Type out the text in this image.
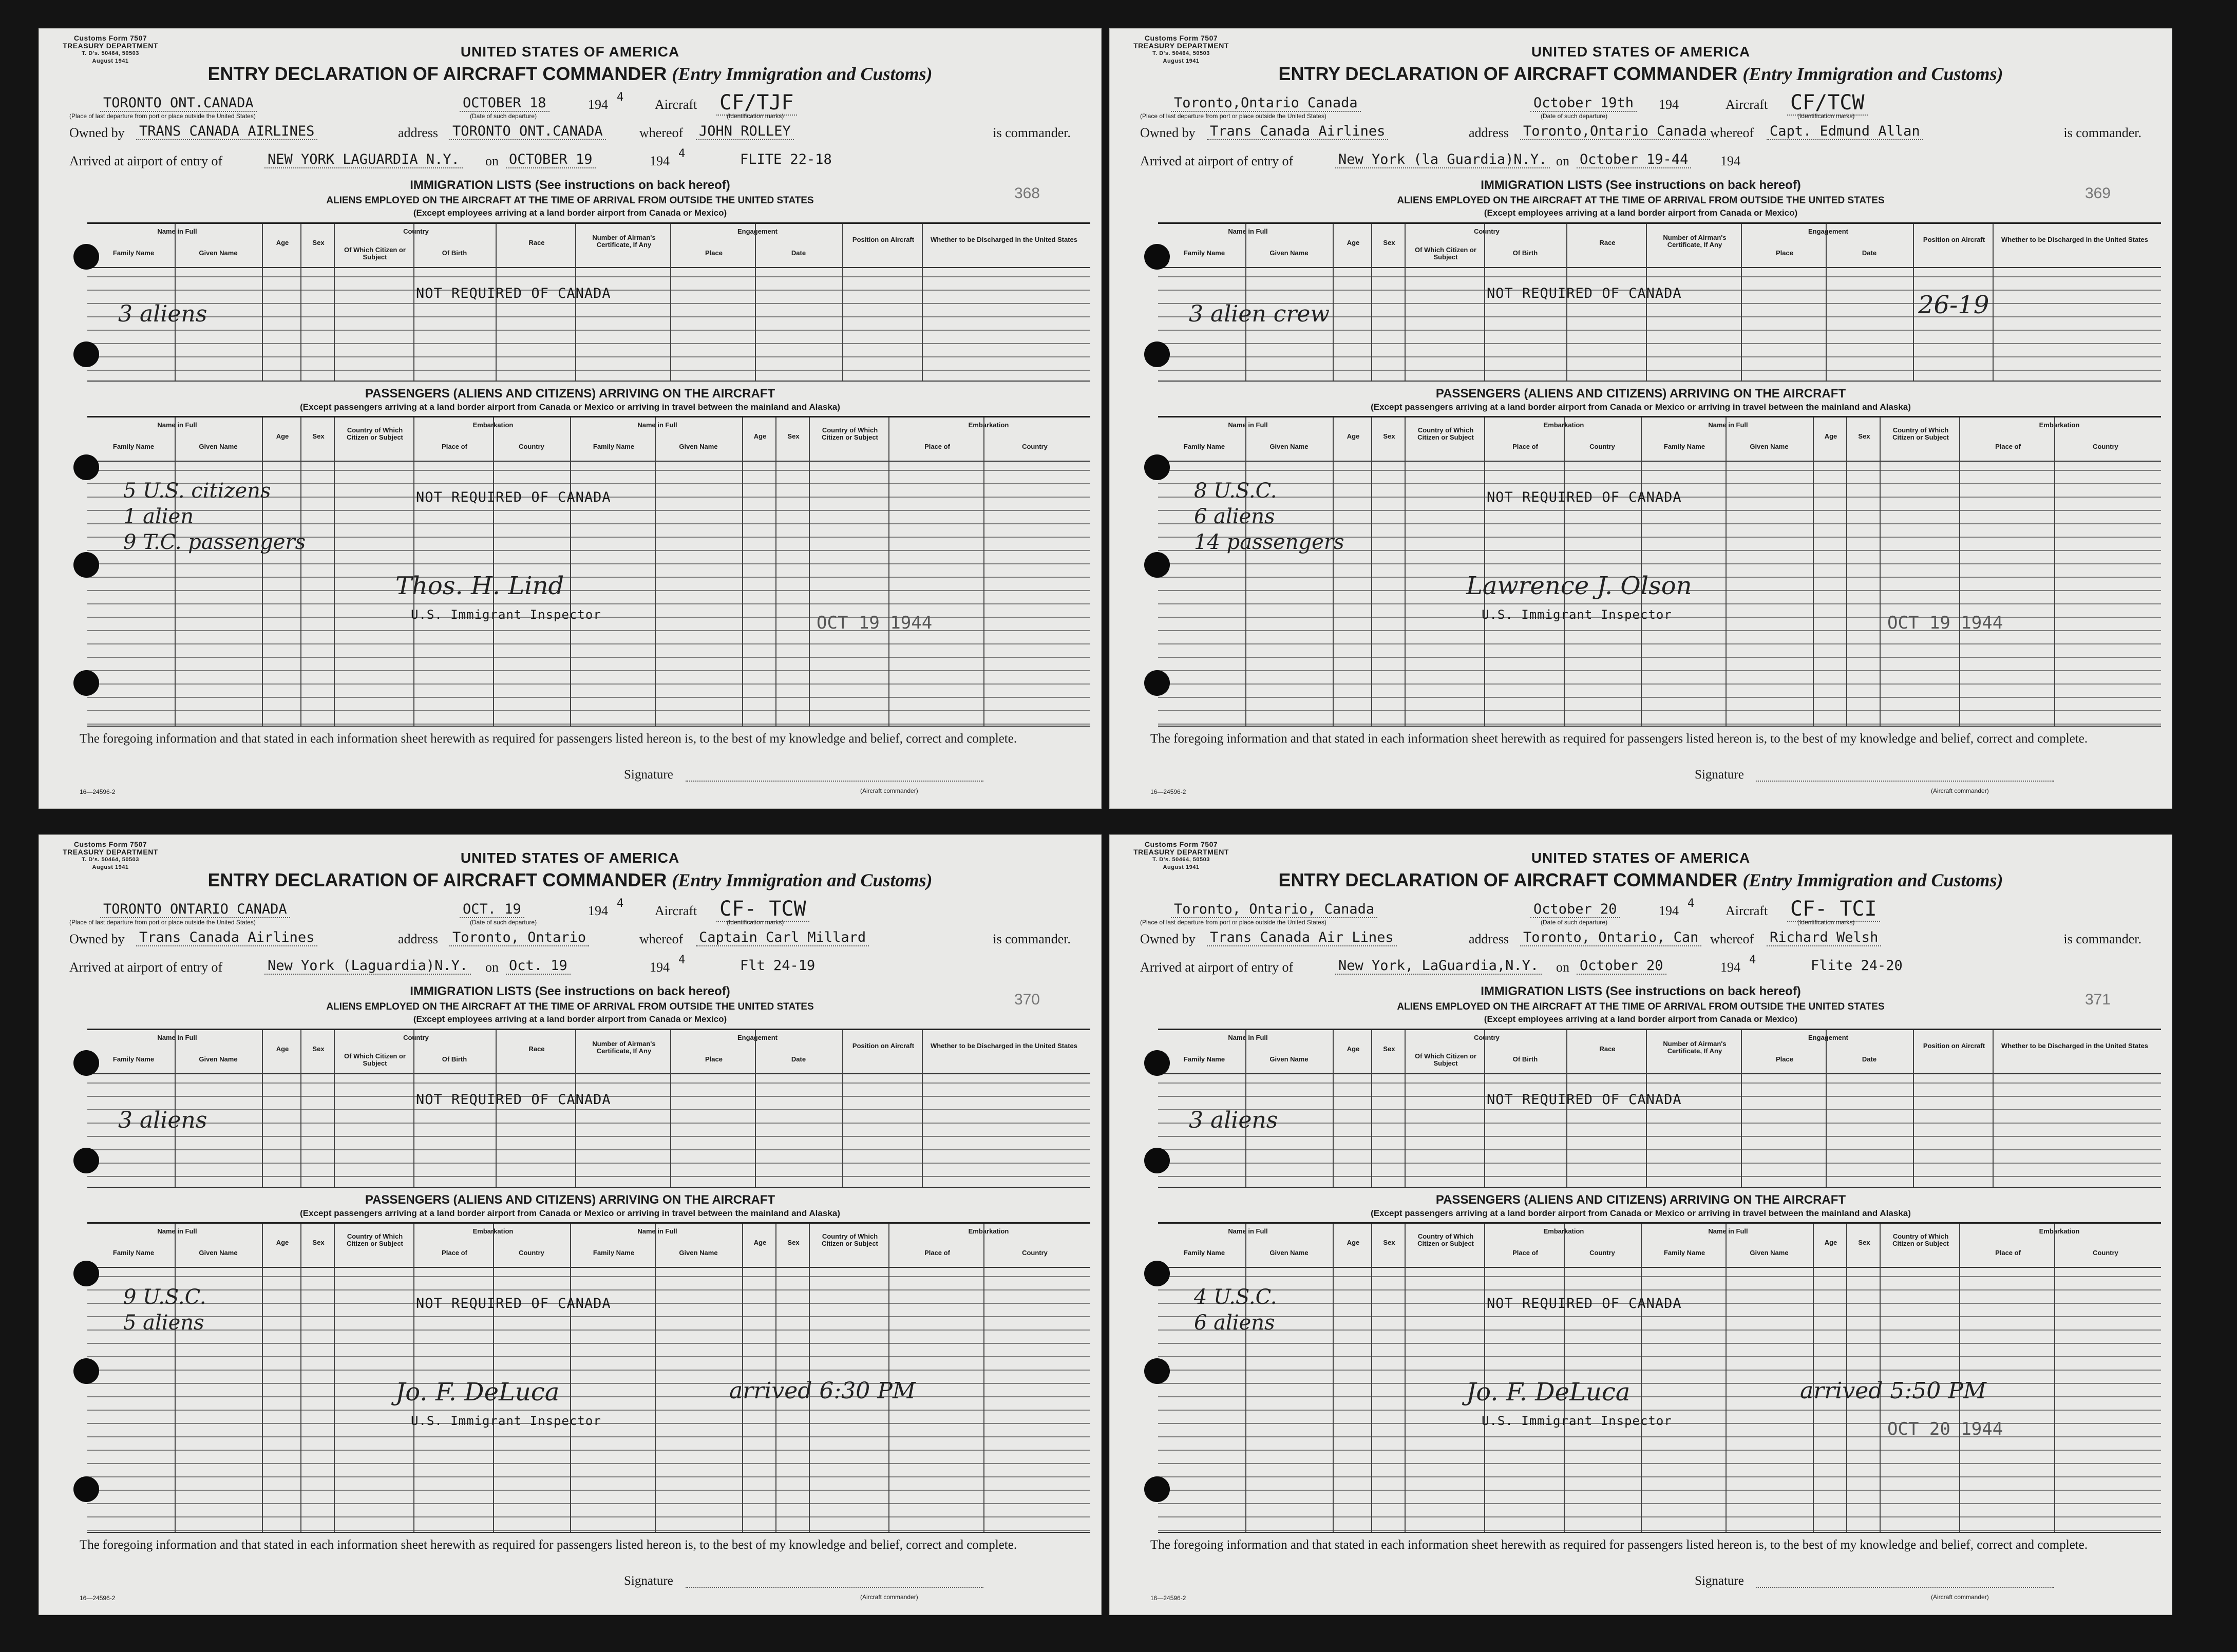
Customs Form 7507
TREASURY DEPARTMENT
T. D's. 50464, 50503
August 1941
UNITED STATES OF AMERICA
ENTRY DECLARATION OF AIRCRAFT COMMANDER (Entry Immigration and Customs)
368
TORONTO ONT.CANADA	OCTOBER 18	194 4 Aircraft CF/TJF
(Place of last departure from port or place outside the United States)	(Date of such departure)	(Identification marks)
Owned by TRANS CANADA AIRLINES	address TORONTO ONT.CANADA	whereof JOHN ROLLEY	is commander.
Arrived at airport of entry of	NEW YORK LAGUARDIA N.Y. on OCTOBER 19	194 4	FLITE 22-18
IMMIGRATION LISTS (See instructions on back hereof)
ALIENS EMPLOYED ON THE AIRCRAFT AT THE TIME OF ARRIVAL FROM OUTSIDE THE UNITED STATES
(Except employees arriving at a land border airport from Canada or Mexico)
Name in Full
Family Name	Given Name
Age	Sex
Country
Of Which Citizen or Subject
Of Birth
Race
Number of Airman's Certificate, If Any
Engagement
Place	Date
Position on Aircraft	Whether to be Discharged in the United States
NOT REQUIRED OF CANADA
3 aliens
PASSENGERS (ALIENS AND CITIZENS) ARRIVING ON THE AIRCRAFT
(Except passengers arriving at a land border airport from Canada or Mexico or arriving in travel between the mainland and Alaska)
Name in Full
Family Name	Given Name
Age	Sex
Country of Which Citizen or Subject
Embarkation
Place of	Country
Name in Full
Family Name	Given Name
Age	Sex
Country of Which Citizen or Subject
Embarkation
Place of	Country
NOT REQUIRED OF CANADA
5 U.S. citizens
1 alien
9 T.C. passengers
OCT 19 1944
Thos. H. Lind
U.S. Immigrant Inspector
The foregoing information and that stated in each information sheet herewith as required for passengers listed hereon is, to the best of my knowledge and belief, correct and complete.
Signature
(Aircraft commander)
16—24596-2
Customs Form 7507
TREASURY DEPARTMENT
T. D's. 50464, 50503
August 1941
UNITED STATES OF AMERICA
ENTRY DECLARATION OF AIRCRAFT COMMANDER (Entry Immigration and Customs)
369
Toronto,Ontario Canada	October 19th 194	Aircraft CF/TCW
(Place of last departure from port or place outside the United States)	(Date of such departure)	(Identification marks)
Owned by Trans Canada Airlines	address Toronto,Ontario Canada whereof Capt. Edmund Allan	is commander.
Arrived at airport of entry of	New York (la Guardia)N.Y. on October 19-44 194
IMMIGRATION LISTS (See instructions on back hereof)
ALIENS EMPLOYED ON THE AIRCRAFT AT THE TIME OF ARRIVAL FROM OUTSIDE THE UNITED STATES
(Except employees arriving at a land border airport from Canada or Mexico)
Name in Full
Family Name	Given Name
Age	Sex
Country
Of Which Citizen or Subject
Of Birth
Race
Number of Airman's Certificate, If Any
Engagement
Place	Date
Position on Aircraft	Whether to be Discharged in the United States
NOT REQUIRED OF CANADA
3 alien crew	26-19
PASSENGERS (ALIENS AND CITIZENS) ARRIVING ON THE AIRCRAFT
(Except passengers arriving at a land border airport from Canada or Mexico or arriving in travel between the mainland and Alaska)
Name in Full
Family Name	Given Name
Age	Sex
Country of Which Citizen or Subject
Embarkation
Place of	Country
Name in Full
Family Name	Given Name
Age	Sex
Country of Which Citizen or Subject
Embarkation
Place of	Country
NOT REQUIRED OF CANADA
8 U.S.C.
6 aliens
14 passengers
OCT 19 1944
Lawrence J. Olson
U.S. Immigrant Inspector
The foregoing information and that stated in each information sheet herewith as required for passengers listed hereon is, to the best of my knowledge and belief, correct and complete.
Signature
(Aircraft commander)
16—24596-2
Customs Form 7507
TREASURY DEPARTMENT
T. D's. 50464, 50503
August 1941
UNITED STATES OF AMERICA
ENTRY DECLARATION OF AIRCRAFT COMMANDER (Entry Immigration and Customs)
370
TORONTO ONTARIO CANADA	OCT. 19	194 4 Aircraft CF- TCW
(Place of last departure from port or place outside the United States)	(Date of such departure)	(Identification marks)
Owned by Trans Canada Airlines	address Toronto, Ontario	whereof Captain Carl Millard	is commander.
Arrived at airport of entry of	New York (Laguardia)N.Y. on Oct. 19	194 4	Flt 24-19
IMMIGRATION LISTS (See instructions on back hereof)
ALIENS EMPLOYED ON THE AIRCRAFT AT THE TIME OF ARRIVAL FROM OUTSIDE THE UNITED STATES
(Except employees arriving at a land border airport from Canada or Mexico)
Name in Full
Family Name	Given Name
Age	Sex
Country
Of Which Citizen or Subject
Of Birth
Race
Number of Airman's Certificate, If Any
Engagement
Place	Date
Position on Aircraft	Whether to be Discharged in the United States
NOT REQUIRED OF CANADA
3 aliens
PASSENGERS (ALIENS AND CITIZENS) ARRIVING ON THE AIRCRAFT
(Except passengers arriving at a land border airport from Canada or Mexico or arriving in travel between the mainland and Alaska)
Name in Full
Family Name	Given Name
Age	Sex
Country of Which Citizen or Subject
Embarkation
Place of	Country
Name in Full
Family Name	Given Name
Age	Sex
Country of Which Citizen or Subject
Embarkation
Place of	Country
NOT REQUIRED OF CANADA
9 U.S.C.
5 aliens
Jo. F. DeLuca
U.S. Immigrant Inspector
arrived 6:30 PM
The foregoing information and that stated in each information sheet herewith as required for passengers listed hereon is, to the best of my knowledge and belief, correct and complete.
Signature
(Aircraft commander)
16—24596-2
Customs Form 7507
TREASURY DEPARTMENT
T. D's. 50464, 50503
August 1941
UNITED STATES OF AMERICA
ENTRY DECLARATION OF AIRCRAFT COMMANDER (Entry Immigration and Customs)
371
Toronto, Ontario, Canada	October 20	194 4 Aircraft CF- TCI
(Place of last departure from port or place outside the United States)	(Date of such departure)	(Identification marks)
Owned by Trans Canada Air Lines	address Toronto, Ontario, Can whereof Richard Welsh	is commander.
Arrived at airport of entry of	New York, LaGuardia,N.Y. on October 20	194 4	Flite 24-20
IMMIGRATION LISTS (See instructions on back hereof)
ALIENS EMPLOYED ON THE AIRCRAFT AT THE TIME OF ARRIVAL FROM OUTSIDE THE UNITED STATES
(Except employees arriving at a land border airport from Canada or Mexico)
Name in Full
Family Name	Given Name
Age	Sex
Country
Of Which Citizen or Subject
Of Birth
Race
Number of Airman's Certificate, If Any
Engagement
Place	Date
Position on Aircraft	Whether to be Discharged in the United States
NOT REQUIRED OF CANADA
3 aliens
PASSENGERS (ALIENS AND CITIZENS) ARRIVING ON THE AIRCRAFT
(Except passengers arriving at a land border airport from Canada or Mexico or arriving in travel between the mainland and Alaska)
Name in Full
Family Name	Given Name
Age	Sex
Country of Which Citizen or Subject
Embarkation
Place of	Country
Name in Full
Family Name	Given Name
Age	Sex
Country of Which Citizen or Subject
Embarkation
Place of	Country
NOT REQUIRED OF CANADA
4 U.S.C.
6 aliens
OCT 20 1944
Jo. F. DeLuca
U.S. Immigrant Inspector
arrived 5:50 PM
The foregoing information and that stated in each information sheet herewith as required for passengers listed hereon is, to the best of my knowledge and belief, correct and complete.
Signature
(Aircraft commander)
16—24596-2
